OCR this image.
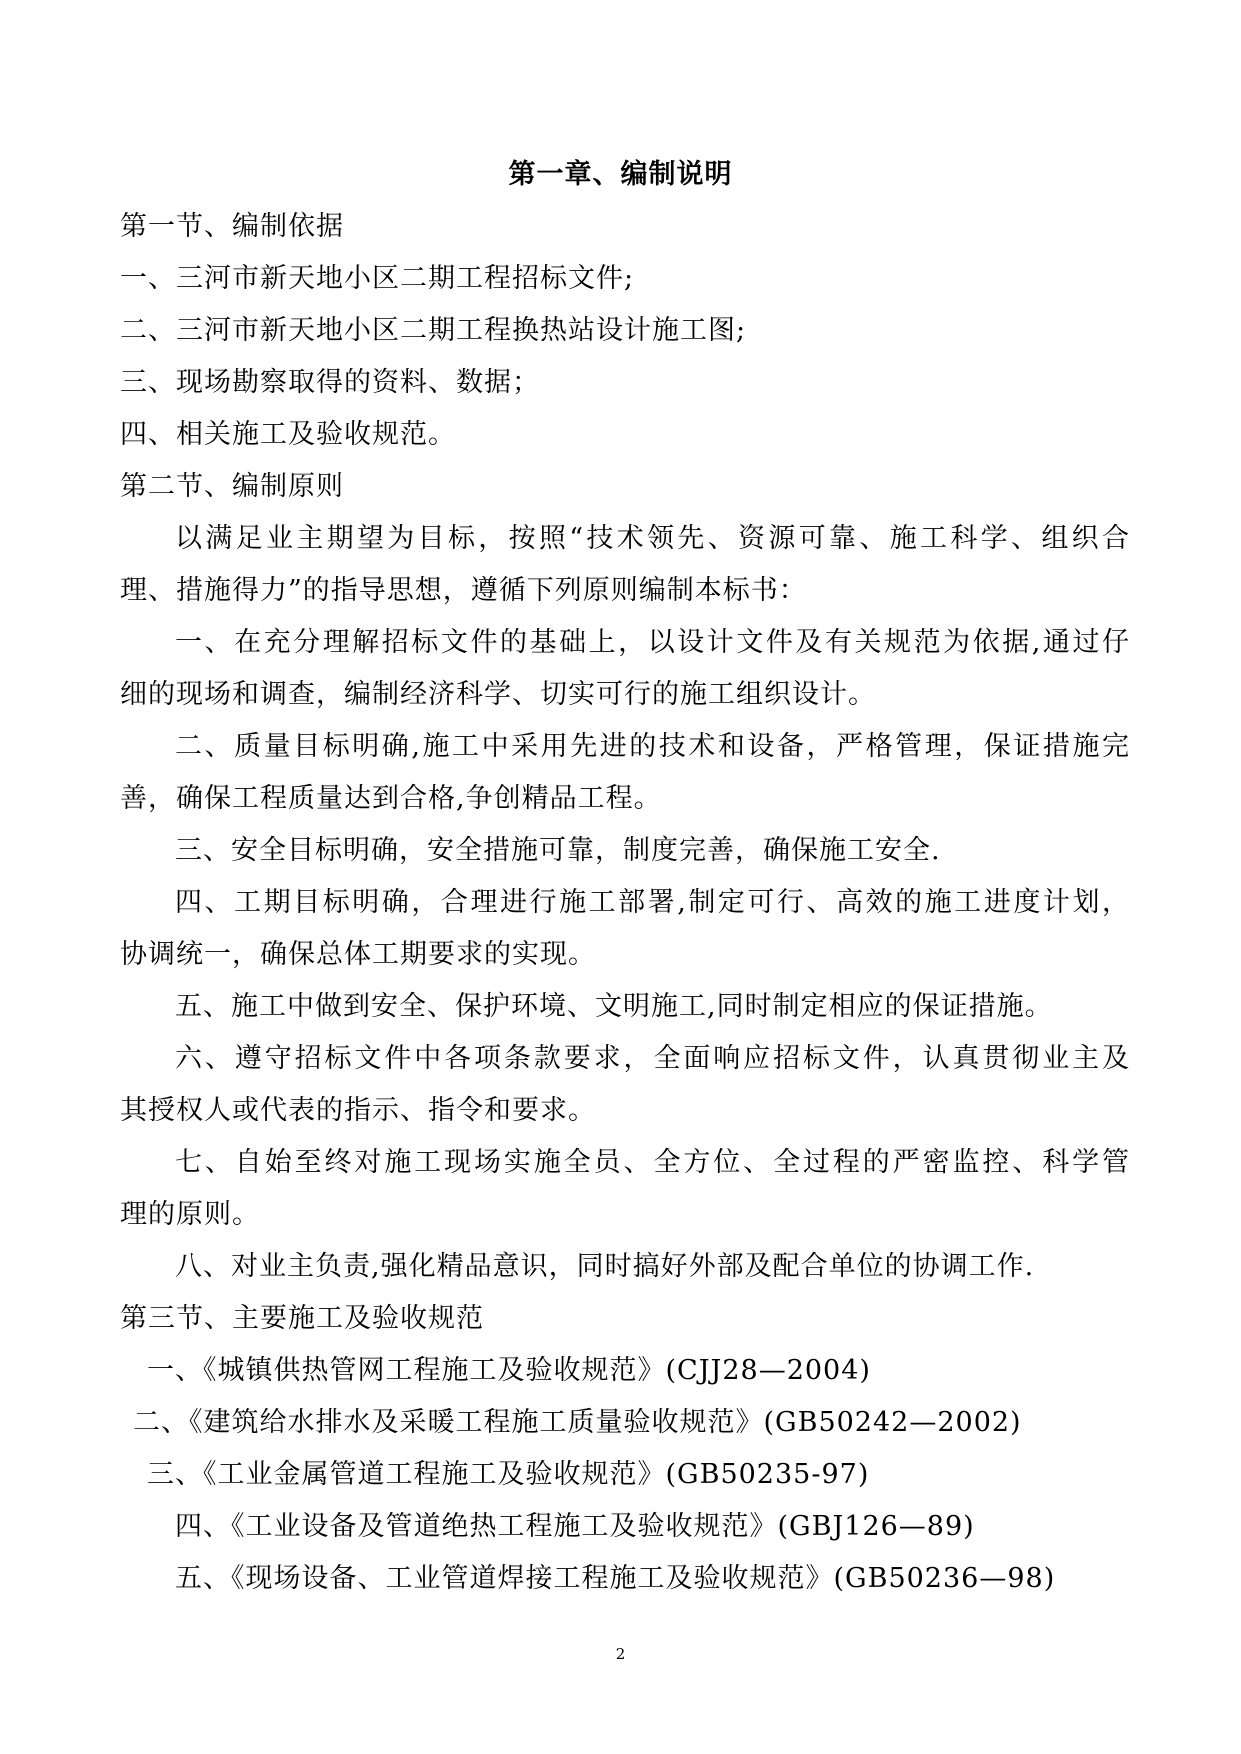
第一章、编制说明
第一节、编制依据
一、三河市新天地小区二期工程招标文件;
二、三河市新天地小区二期工程换热站设计施工图;
三、现场勘察取得的资料、数据；
四、相关施工及验收规范。
第二节、编制原则
以满足业主期望为目标，按照“技术领先、资源可靠、施工科学、组织合
理、措施得力”的指导思想，遵循下列原则编制本标书：
一、在充分理解招标文件的基础上，以设计文件及有关规范为依据,通过仔
细的现场和调查，编制经济科学、切实可行的施工组织设计。
二、质量目标明确,施工中采用先进的技术和设备，严格管理，保证措施完
善，确保工程质量达到合格,争创精品工程。
三、安全目标明确，安全措施可靠，制度完善，确保施工安全.
四、工期目标明确，合理进行施工部署,制定可行、高效的施工进度计划，
协调统一，确保总体工期要求的实现。
五、施工中做到安全、保护环境、文明施工,同时制定相应的保证措施。
六、遵守招标文件中各项条款要求，全面响应招标文件，认真贯彻业主及
其授权人或代表的指示、指令和要求。
七、自始至终对施工现场实施全员、全方位、全过程的严密监控、科学管
理的原则。
八、对业主负责,强化精品意识，同时搞好外部及配合单位的协调工作.
第三节、主要施工及验收规范
一、《城镇供热管网工程施工及验收规范》(CJJ28—2004)
二、《建筑给水排水及采暖工程施工质量验收规范》(GB50242—2002)
三、《工业金属管道工程施工及验收规范》(GB50235-97)
四、《工业设备及管道绝热工程施工及验收规范》(GBJ126—89)
五、《现场设备、工业管道焊接工程施工及验收规范》(GB50236—98)
2
